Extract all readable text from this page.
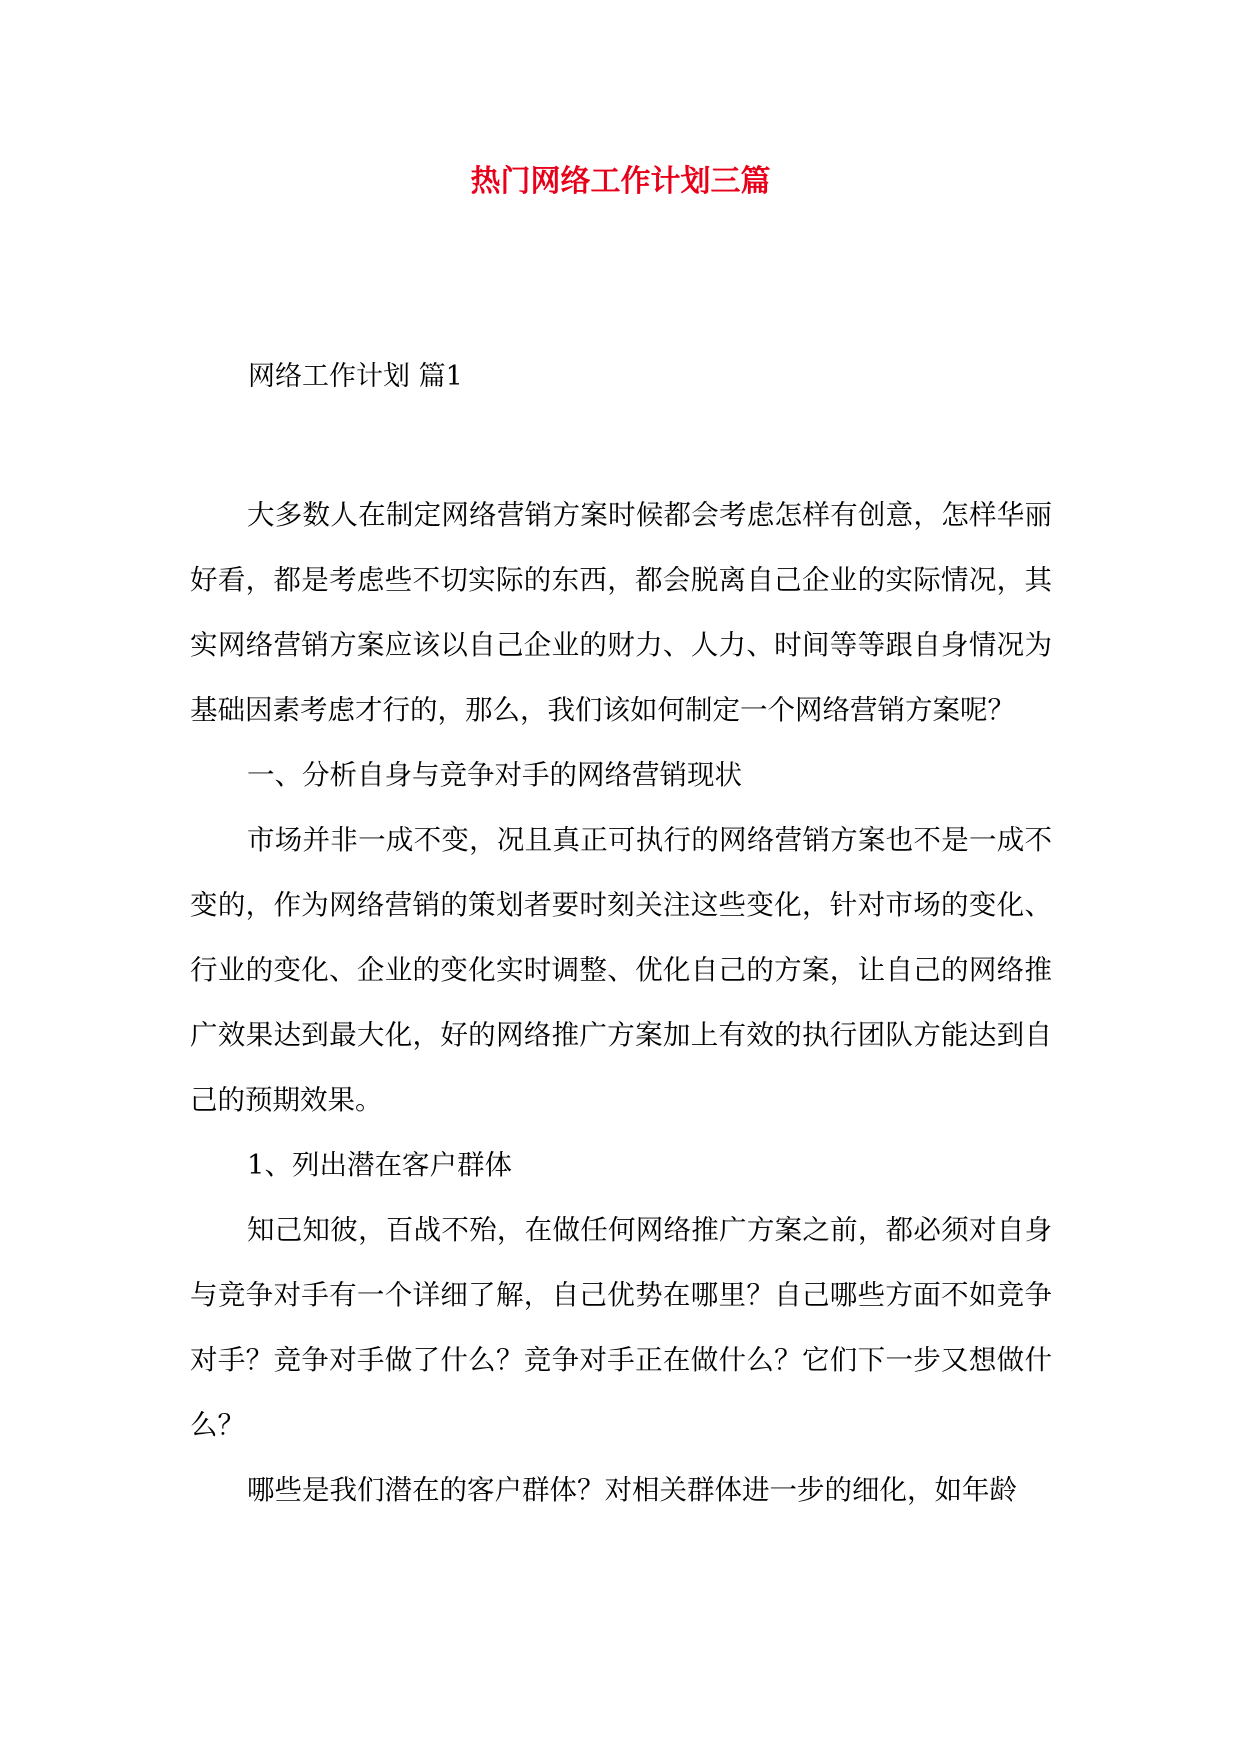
热门网络工作计划三篇
网络工作计划 篇1

大多数人在制定网络营销方案时候都会考虑怎样有创意，怎样华丽好看，都是考虑些不切实际的东西，都会脱离自己企业的实际情况，其实网络营销方案应该以自己企业的财力、人力、时间等等跟自身情况为基础因素考虑才行的，那么，我们该如何制定一个网络营销方案呢？

一、分析自身与竞争对手的网络营销现状

市场并非一成不变，况且真正可执行的网络营销方案也不是一成不变的，作为网络营销的策划者要时刻关注这些变化，针对市场的变化、行业的变化、企业的变化实时调整、优化自己的方案，让自己的网络推广效果达到最大化，好的网络推广方案加上有效的执行团队方能达到自己的预期效果。

1、列出潜在客户群体

知己知彼，百战不殆，在做任何网络推广方案之前，都必须对自身与竞争对手有一个详细了解，自己优势在哪里？自己哪些方面不如竞争对手？竞争对手做了什么？竞争对手正在做什么？它们下一步又想做什么？

哪些是我们潜在的客户群体？对相关群体进一步的细化，如年龄
